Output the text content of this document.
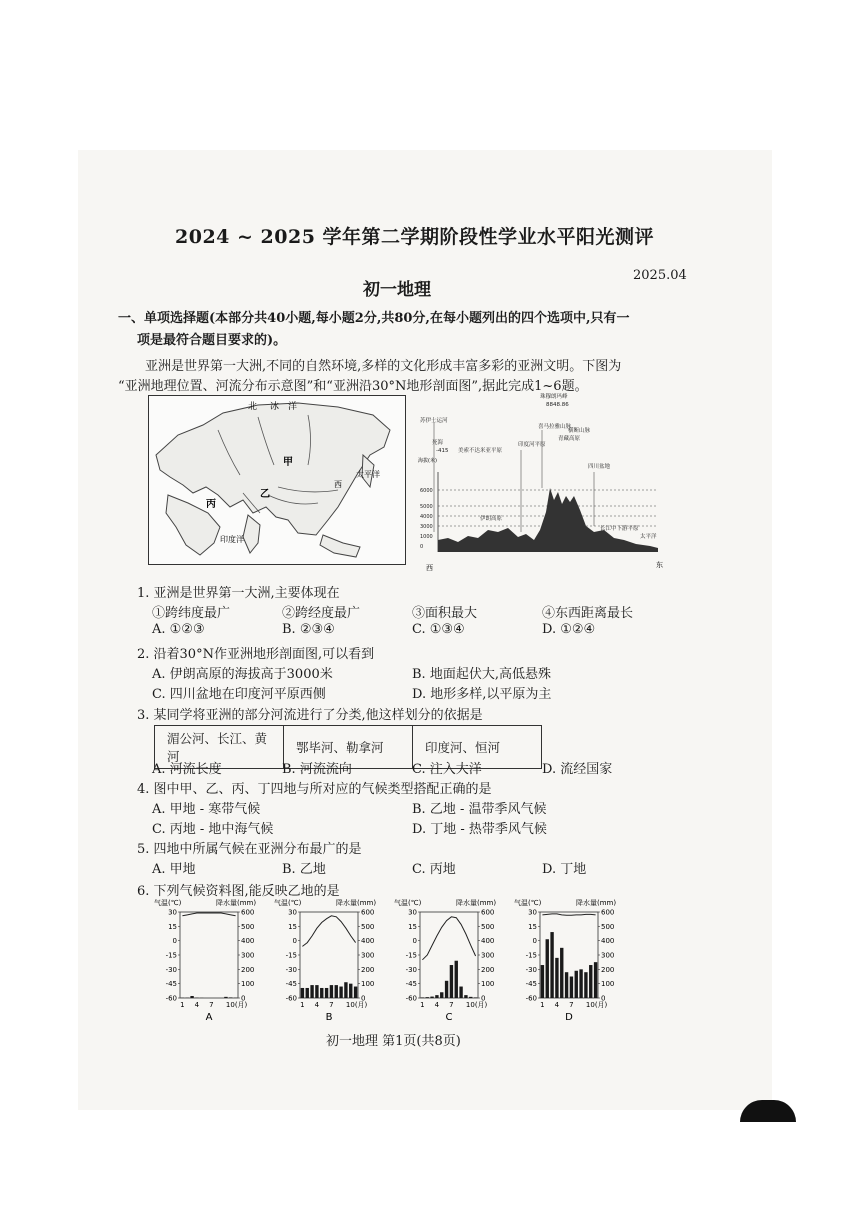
2024 ~ 2025 学年第二学期阶段性学业水平阳光测评
初一地理
2025.04
一、单项选择题(本部分共40小题,每小题2分,共80分,在每小题列出的四个选项中,只有一
项是最符合题目要求的)。
亚洲是世界第一大洲,不同的自然环境,多样的文化形成丰富多彩的亚洲文明。下图为
“亚洲地理位置、河流分布示意图”和“亚洲沿30°N地形剖面图”,据此完成1~6题。
北 冰 洋
甲
乙
丙
西
太平洋
印度洋
苏伊士运河
死海
美索不达米亚平原
伊朗高原
印度河平原
喜马拉雅山脉
青藏高原
横断山脉
四川盆地
长江中下游平原
珠穆朗玛峰
8848.86
太平洋
-415
海拔(米)
6000
5000
4000
3000
1000
0
西	东
1. 亚洲是世界第一大洲,主要体现在
①跨纬度最广	②跨经度最广	③面积最大	④东西距离最长
A. ①②③	B. ②③④	C. ①③④	D. ①②④
2. 沿着30°N作亚洲地形剖面图,可以看到
A. 伊朗高原的海拔高于3000米	B. 地面起伏大,高低悬殊
C. 四川盆地在印度河平原西侧	D. 地形多样,以平原为主
3. 某同学将亚洲的部分河流进行了分类,他这样划分的依据是
湄公河、长江、黄河	鄂毕河、勒拿河	印度河、恒河
A. 河流长度	B. 河流流向	C. 注入大洋	D. 流经国家
4. 图中甲、乙、丙、丁四地与所对应的气候类型搭配正确的是
A. 甲地 - 寒带气候	B. 乙地 - 温带季风气候
C. 丙地 - 地中海气候	D. 丁地 - 热带季风气候
5. 四地中所属气候在亚洲分布最广的是
A. 甲地	B. 乙地	C. 丙地	D. 丁地
6. 下列气候资料图,能反映乙地的是
气温(℃)	降水量(mm)
30
15
0
-15
-30
-45
-60
600
500
400
300
200
100
0
1 4 7 10(月)
A
气温(℃)	降水量(mm)
30
15
0
-15
-30
-45
-60
600
500
400
300
200
100
0
1 4 7 10(月)
B
气温(℃)	降水量(mm)
30
15
0
-15
-30
-45
-60
600
500
400
300
200
100
0
1 4 7 10(月)
C
气温(℃)	降水量(mm)
30
15
0
-15
-30
-45
-60
600
500
400
300
200
100
0
1 4 7 10(月)
D
初一地理 第1页(共8页)
